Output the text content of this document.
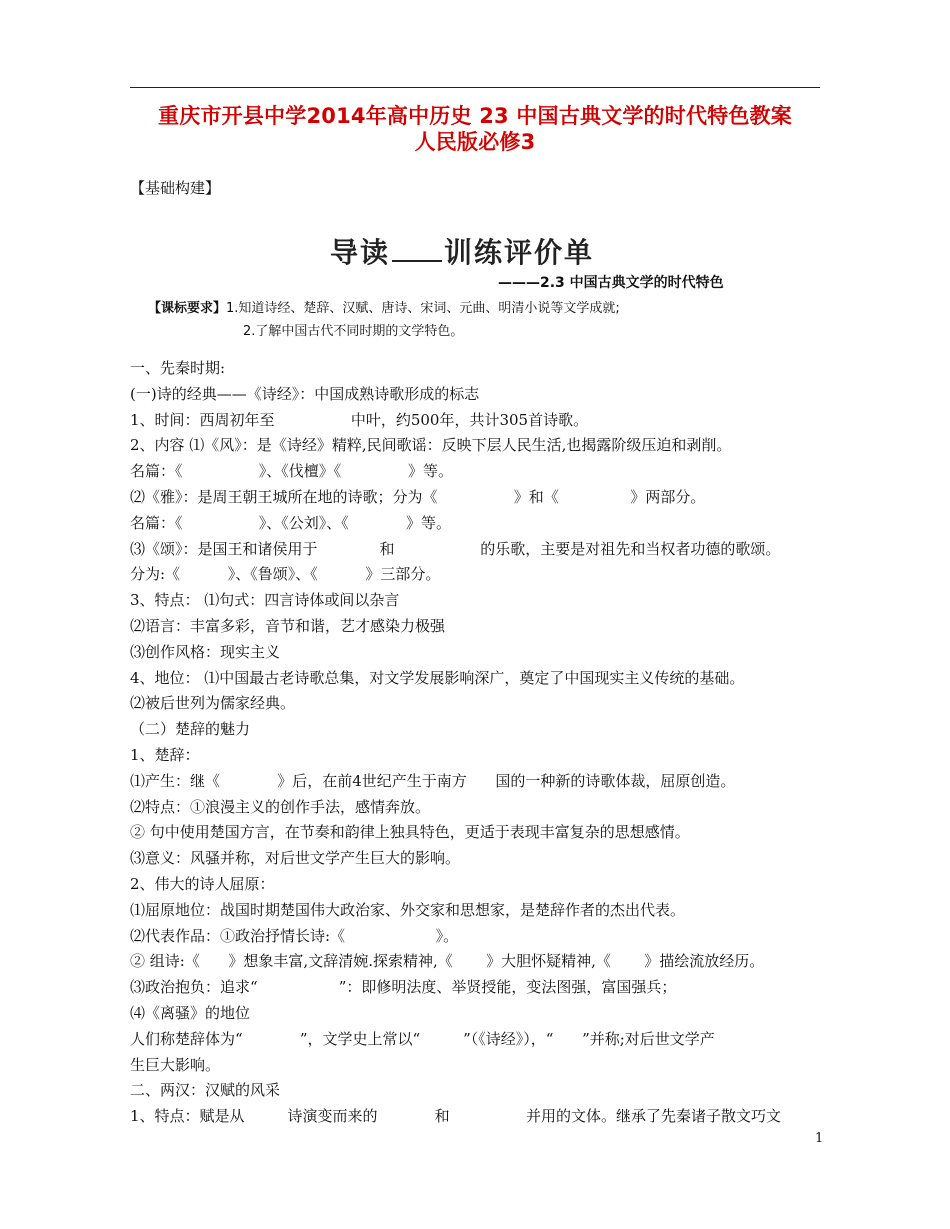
重庆市开县中学2014年高中历史 23 中国古典文学的时代特色教案
人民版必修3
【基础构建】
导读 训练评价单
———2.3 中国古典文学的时代特色
【课标要求】1.知道诗经、楚辞、汉赋、唐诗、宋词、元曲、明清小说等文学成就;
2.了解中国古代不同时期的文学特色。
一、先秦时期:
(一)诗的经典——《诗经》：中国成熟诗歌形成的标志
1、时间：西周初年至                中叶，约500年，共计305首诗歌。
2、内容 ⑴《风》：是《诗经》精粹,民间歌谣：反映下层人民生活,也揭露阶级压迫和剥削。
名篇：《                》、《伐檀》《              》等。
⑵《雅》：是周王朝王城所在地的诗歌；分为《                》和《               》两部分。
名篇：《                》、《公刘》、《            》等。
⑶《颂》：是国王和诸侯用于             和                  的乐歌，主要是对祖先和当权者功德的歌颂。
分为:《          》、《鲁颂》、《          》三部分。
3、特点： ⑴句式：四言诗体或间以杂言
⑵语言：丰富多彩，音节和谐，艺才感染力极强
⑶创作风格：现实主义
4、地位： ⑴中国最古老诗歌总集，对文学发展影响深广，奠定了中国现实主义传统的基础。
⑵被后世列为儒家经典。
（二）楚辞的魅力
1、楚辞：
⑴产生：继《            》后，在前4世纪产生于南方      国的一种新的诗歌体裁，屈原创造。
⑵特点：①浪漫主义的创作手法，感情奔放。
② 句中使用楚国方言，在节奏和韵律上独具特色，更适于表现丰富复杂的思想感情。
⑶意义：风骚并称，对后世文学产生巨大的影响。
2、伟大的诗人屈原：
⑴屈原地位：战国时期楚国伟大政治家、外交家和思想家，是楚辞作者的杰出代表。
⑵代表作品：①政治抒情长诗:《                   》。
② 组诗:《      》想象丰富,文辞清婉.探索精神,《       》大胆怀疑精神,《       》描绘流放经历。
⑶政治抱负：追求“                 ”：即修明法度、举贤授能，变法图强，富国强兵；
⑷《离骚》的地位
人们称楚辞体为“            ”，文学史上常以“         ”（《诗经》），“      ”并称;对后世文学产
生巨大影响。
二、两汉：汉赋的风采
1、特点：赋是从         诗演变而来的            和                并用的文体。继承了先秦诸子散文巧文
1
